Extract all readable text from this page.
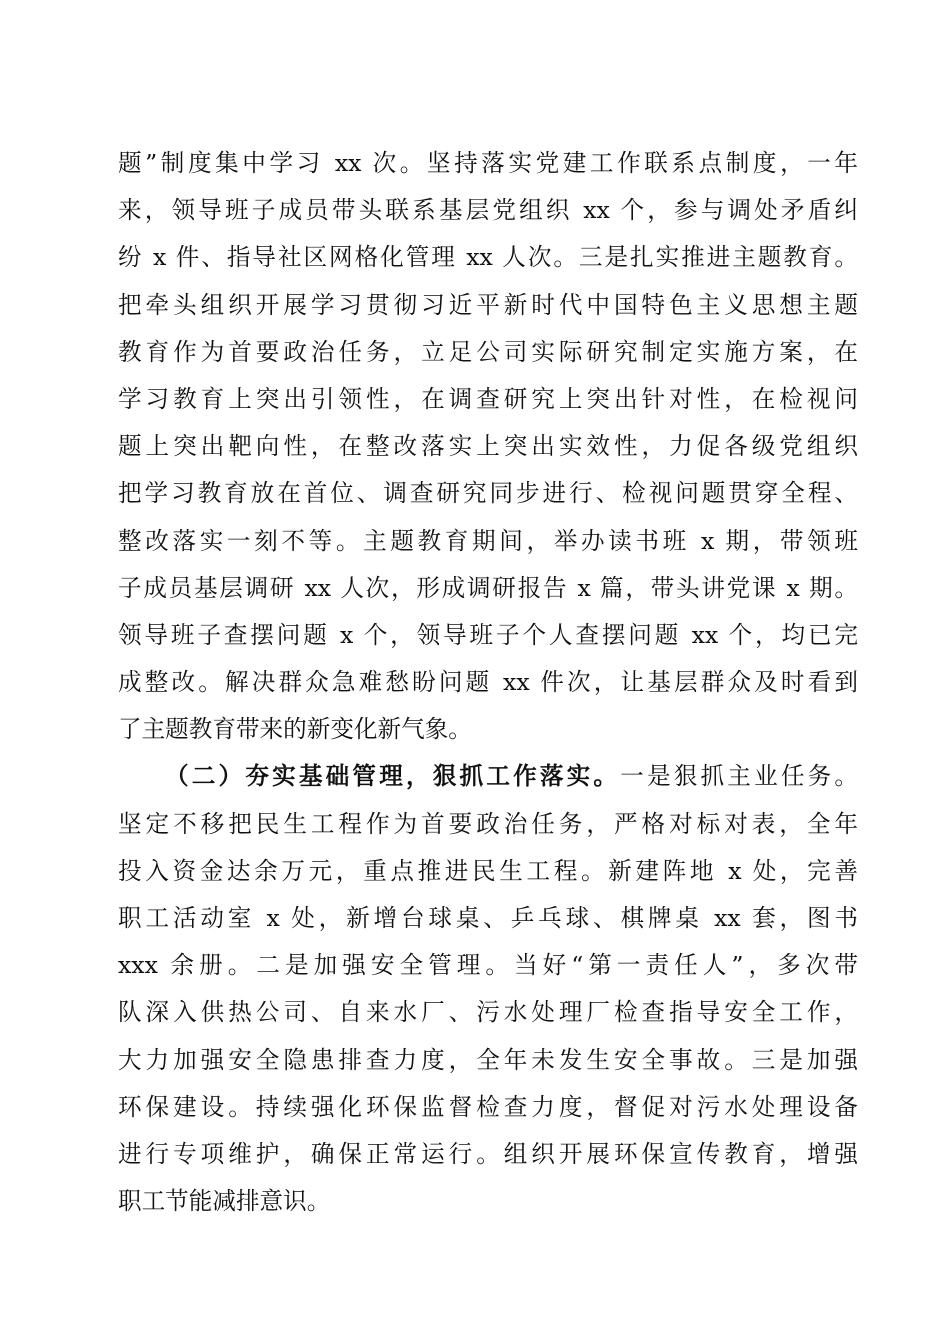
题”制度集中学习 xx 次。坚持落实党建工作联系点制度，一年
来，领导班子成员带头联系基层党组织 xx 个，参与调处矛盾纠
纷 x 件、指导社区网格化管理 xx 人次。三是扎实推进主题教育。
把牵头组织开展学习贯彻习近平新时代中国特色主义思想主题
教育作为首要政治任务，立足公司实际研究制定实施方案，在
学习教育上突出引领性，在调查研究上突出针对性，在检视问
题上突出靶向性，在整改落实上突出实效性，力促各级党组织
把学习教育放在首位、调查研究同步进行、检视问题贯穿全程、
整改落实一刻不等。主题教育期间，举办读书班 x 期，带领班
子成员基层调研 xx 人次，形成调研报告 x 篇，带头讲党课 x 期。
领导班子查摆问题 x 个，领导班子个人查摆问题 xx 个，均已完
成整改。解决群众急难愁盼问题 xx 件次，让基层群众及时看到
了主题教育带来的新变化新气象。
（二）夯实基础管理，狠抓工作落实。一是狠抓主业任务。
坚定不移把民生工程作为首要政治任务，严格对标对表，全年
投入资金达余万元，重点推进民生工程。新建阵地 x 处，完善
职工活动室 x 处，新增台球桌、乒乓球、棋牌桌 xx 套，图书
xxx 余册。二是加强安全管理。当好“第一责任人”，多次带
队深入供热公司、自来水厂、污水处理厂检查指导安全工作，
大力加强安全隐患排查力度，全年未发生安全事故。三是加强
环保建设。持续强化环保监督检查力度，督促对污水处理设备
进行专项维护，确保正常运行。组织开展环保宣传教育，增强
职工节能减排意识。
